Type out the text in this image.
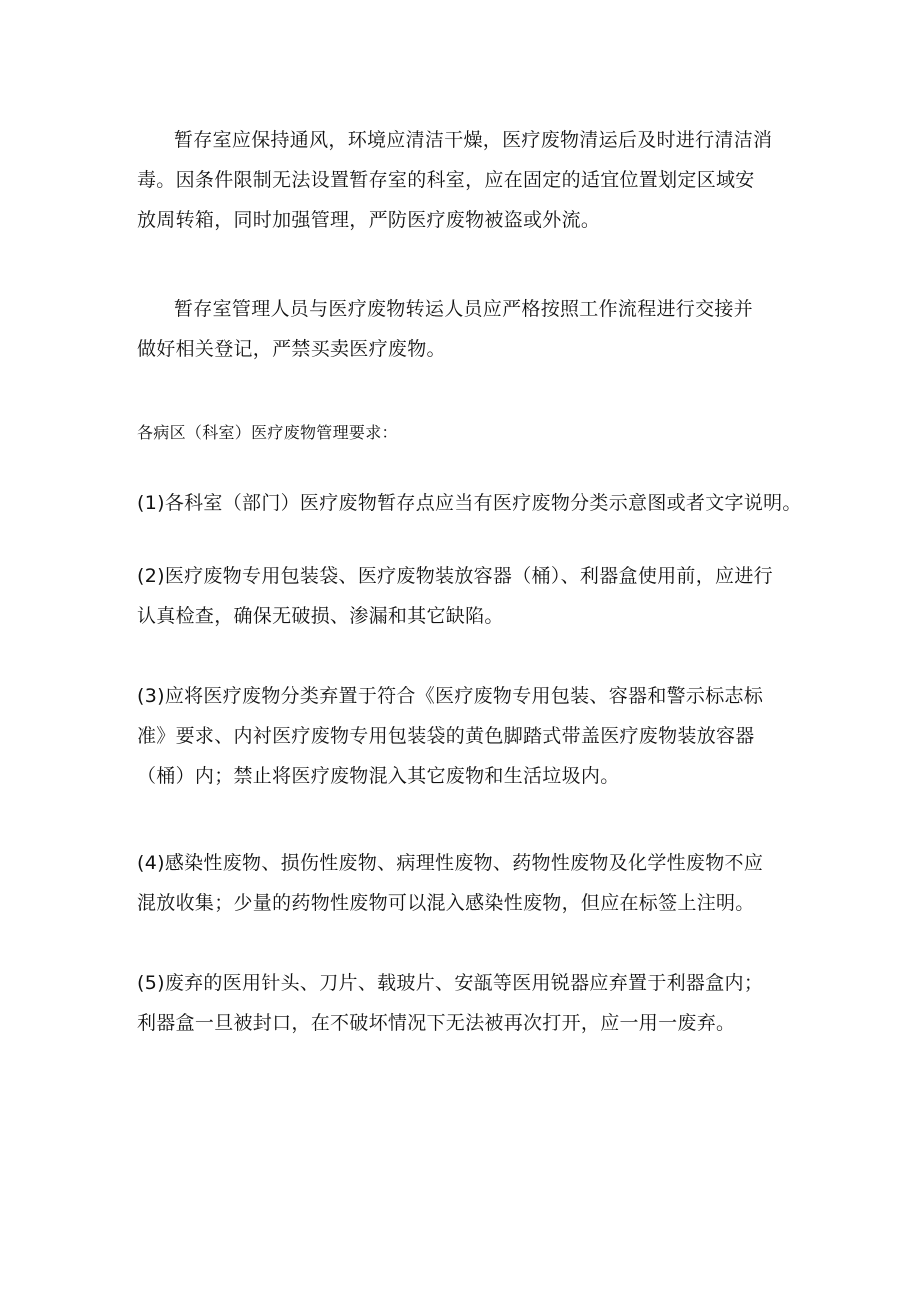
暂存室应保持通风，环境应清洁干燥，医疗废物清运后及时进行清洁消
毒。因条件限制无法设置暂存室的科室，应在固定的适宜位置划定区域安
放周转箱，同时加强管理，严防医疗废物被盗或外流。
暂存室管理人员与医疗废物转运人员应严格按照工作流程进行交接并
做好相关登记，严禁买卖医疗废物。
各病区（科室）医疗废物管理要求：
(1)各科室（部门）医疗废物暂存点应当有医疗废物分类示意图或者文字说明。
(2)医疗废物专用包装袋、医疗废物装放容器（桶）、利器盒使用前，应进行
认真检查，确保无破损、渗漏和其它缺陷。
(3)应将医疗废物分类弃置于符合《医疗废物专用包装、容器和警示标志标
准》要求、内衬医疗废物专用包装袋的黄色脚踏式带盖医疗废物装放容器
（桶）内；禁止将医疗废物混入其它废物和生活垃圾内。
(4)感染性废物、损伤性废物、病理性废物、药物性废物及化学性废物不应
混放收集；少量的药物性废物可以混入感染性废物，但应在标签上注明。
(5)废弃的医用针头、刀片、载玻片、安瓿等医用锐器应弃置于利器盒内；
利器盒一旦被封口，在不破坏情况下无法被再次打开，应一用一废弃。
